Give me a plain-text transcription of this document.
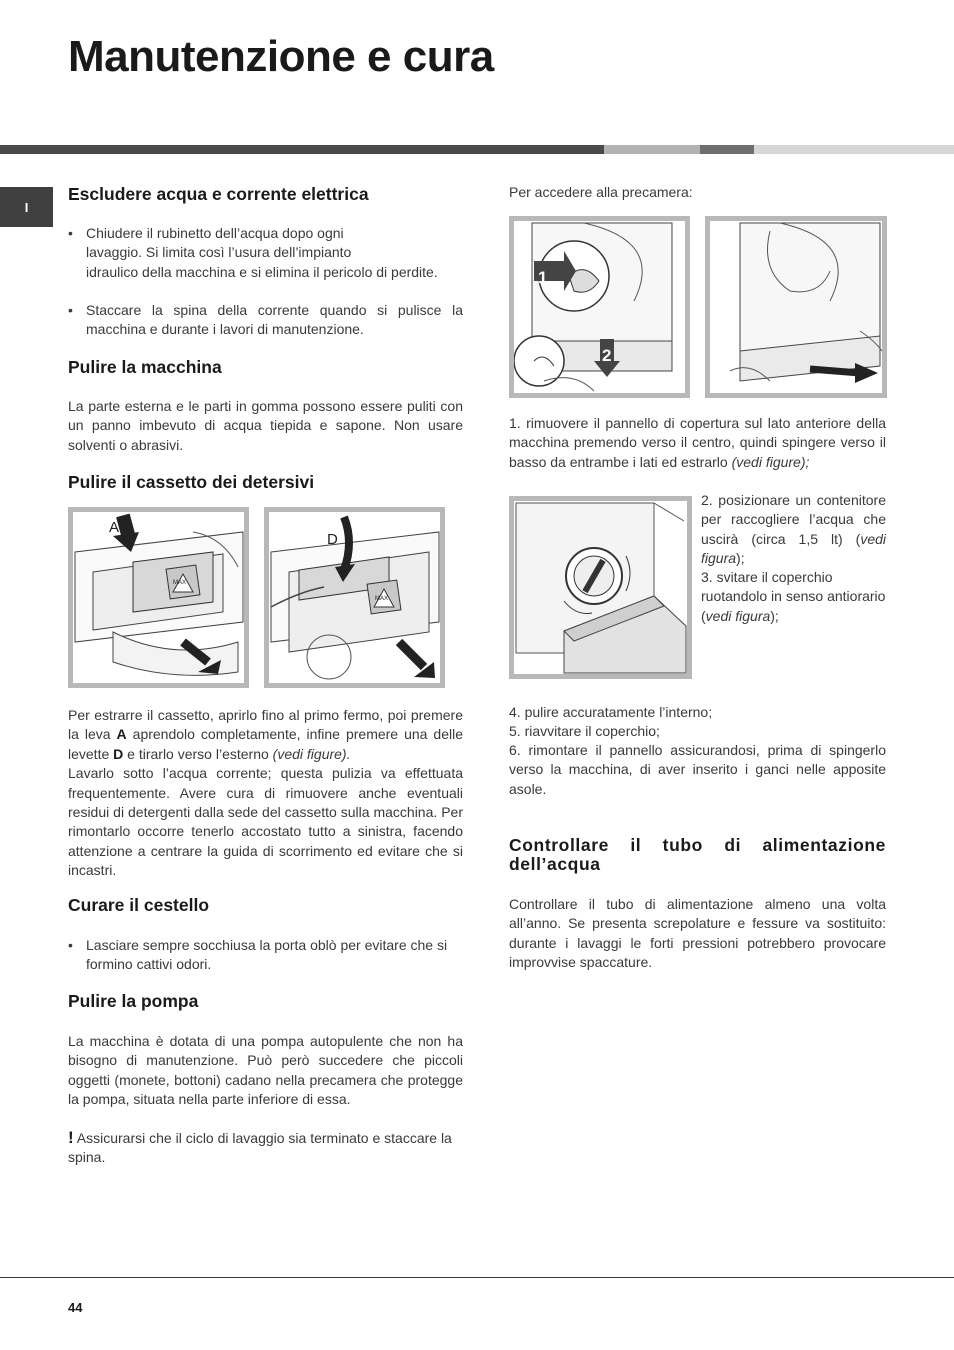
Manutenzione e cura
I
Escludere acqua e corrente elettrica
• Chiudere il rubinetto dell’acqua dopo ogni
lavaggio. Si limita così l’usura dell’impianto
idraulico della macchina e si elimina il pericolo di perdite.
• Staccare la spina della corrente quando si pulisce la macchina e durante i lavori di manutenzione.
Pulire la macchina

La parte esterna e le parti in gomma possono essere puliti con un panno imbevuto di acqua tiepida e sapone. Non usare solventi o abrasivi.

Pulire il cassetto dei detersivi
A
MAX
D
MAX

Per estrarre il cassetto, aprirlo fino al primo fermo, poi premere la leva A aprendolo completamente, infine premere una delle levette D e tirarlo verso l’esterno (vedi figure).
Lavarlo sotto l’acqua corrente; questa pulizia va effettuata frequentemente. Avere cura di rimuovere anche eventuali residui di detergenti dalla sede del cassetto sulla macchina. Per rimontarlo occorre tenerlo accostato tutto a sinistra, facendo attenzione a centrare la guida di scorrimento ed evitare che si incastri.

Curare il cestello
• Lasciare sempre socchiusa la porta oblò per evitare che si formino cattivi odori.
Pulire la pompa

La macchina è dotata di una pompa autopulente che non ha bisogno di manutenzione. Può però succedere che piccoli oggetti (monete, bottoni) cadano nella precamera che protegge la pompa, situata nella parte inferiore di essa.

! Assicurarsi che il ciclo di lavaggio sia terminato e staccare la spina.

Per accedere alla precamera:

1
2

1. rimuovere il pannello di copertura sul lato anteriore della macchina premendo verso il centro, quindi spingere verso il basso da entrambe i lati ed estrarlo (vedi figure);

2. posizionare un contenitore per raccogliere l’acqua che uscirà (circa 1,5 lt) (vedi figura);

3. svitare il coperchio ruotandolo in senso antiorario (vedi figura);

4. pulire accuratamente l’interno;

5. riavvitare il coperchio;

6. rimontare il pannello assicurandosi, prima di spingerlo verso la macchina, di aver inserito i ganci nelle apposite asole.

Controllare il tubo di alimentazione dell’acqua

Controllare il tubo di alimentazione almeno una volta all’anno. Se presenta screpolature e fessure va sostituito: durante i lavaggi le forti pressioni potrebbero provocare improvvise spaccature.

44
